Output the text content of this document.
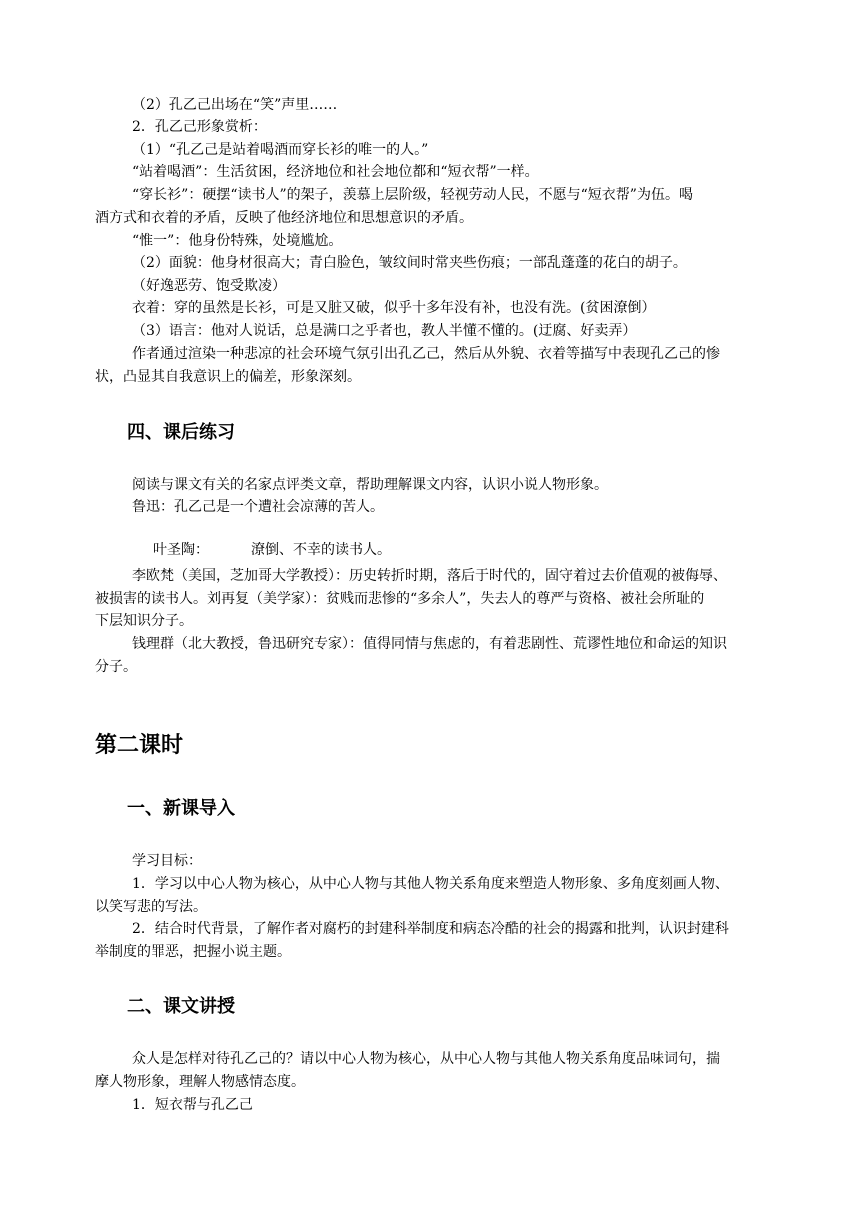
（2）孔乙己出场在“笑”声里……
2．孔乙己形象赏析：
（1）“孔乙己是站着喝酒而穿长衫的唯一的人。”
“站着喝酒”：生活贫困，经济地位和社会地位都和“短衣帮”一样。
“穿长衫”：硬摆“读书人”的架子，羡慕上层阶级，轻视劳动人民，不愿与“短衣帮”为伍。喝
酒方式和衣着的矛盾，反映了他经济地位和思想意识的矛盾。
“惟一”：他身份特殊，处境尴尬。
（2）面貌：他身材很高大；青白脸色，皱纹间时常夹些伤痕；一部乱蓬蓬的花白的胡子。
（好逸恶劳、饱受欺凌）
衣着：穿的虽然是长衫，可是又脏又破，似乎十多年没有补，也没有洗。(贫困潦倒）
（3）语言：他对人说话，总是满口之乎者也，教人半懂不懂的。(迂腐、好卖弄）
作者通过渲染一种悲凉的社会环境气氛引出孔乙己，然后从外貌、衣着等描写中表现孔乙己的惨
状，凸显其自我意识上的偏差，形象深刻。
四、课后练习
阅读与课文有关的名家点评类文章，帮助理解课文内容，认识小说人物形象。
鲁迅：孔乙己是一个遭社会凉薄的苦人。
叶圣陶：	潦倒、不幸的读书人。
李欧梵（美国，芝加哥大学教授）：历史转折时期，落后于时代的，固守着过去价值观的被侮辱、
被损害的读书人。刘再复（美学家）：贫贱而悲惨的“多余人”，失去人的尊严与资格、被社会所耻的
下层知识分子。
钱理群（北大教授，鲁迅研究专家）：值得同情与焦虑的，有着悲剧性、荒谬性地位和命运的知识
分子。
第二课时
一、新课导入
学习目标：
1．学习以中心人物为核心，从中心人物与其他人物关系角度来塑造人物形象、多角度刻画人物、
以笑写悲的写法。
2．结合时代背景，了解作者对腐朽的封建科举制度和病态冷酷的社会的揭露和批判，认识封建科
举制度的罪恶，把握小说主题。
二、课文讲授
众人是怎样对待孔乙己的？请以中心人物为核心，从中心人物与其他人物关系角度品味词句，揣
摩人物形象，理解人物感情态度。
1．短衣帮与孔乙己
